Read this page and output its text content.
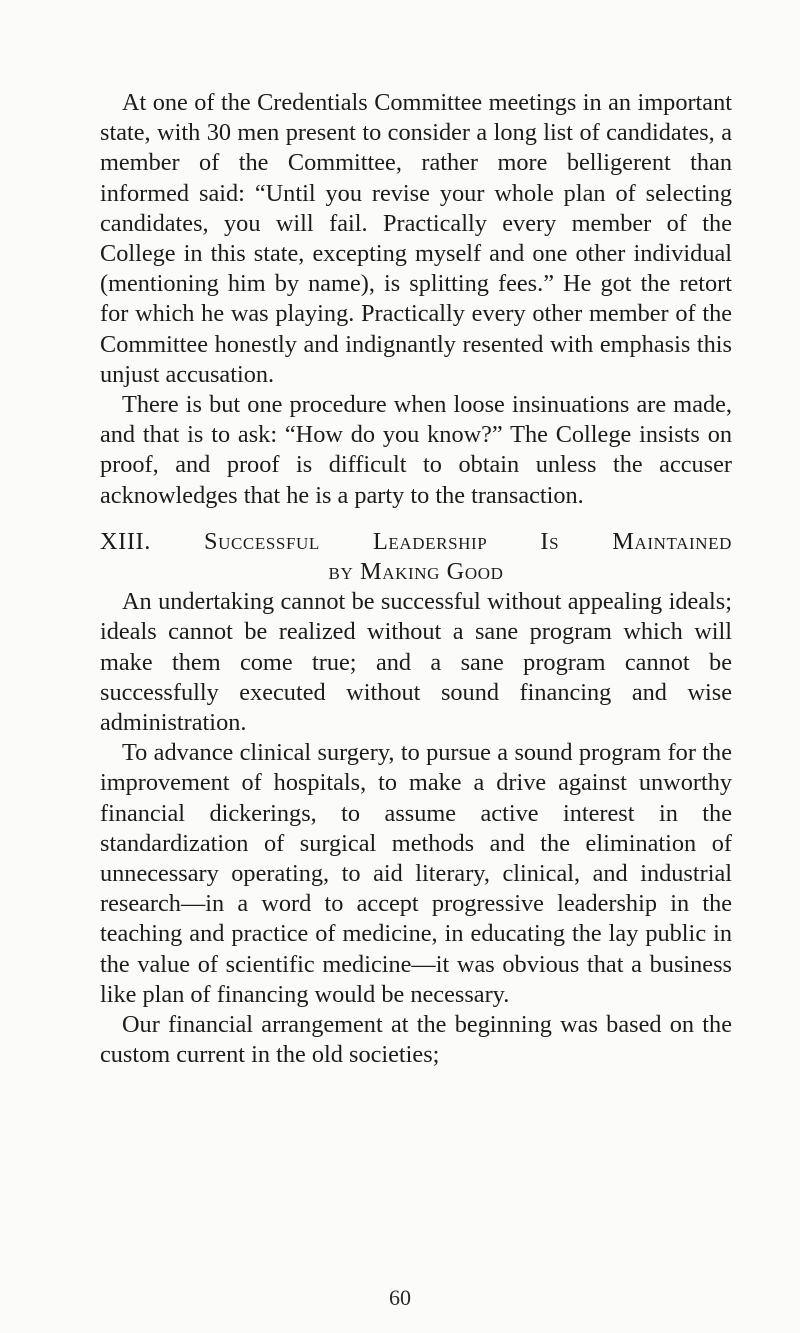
At one of the Credentials Committee meetings in an important state, with 30 men present to consider a long list of candidates, a member of the Committee, rather more belligerent than informed said: “Until you revise your whole plan of selecting candidates, you will fail. Practically every member of the College in this state, excepting myself and one other individual (mentioning him by name), is splitting fees.” He got the retort for which he was playing. Practically every other member of the Committee honestly and indignantly resented with emphasis this unjust accusation.

There is but one procedure when loose insinuations are made, and that is to ask: “How do you know?” The College insists on proof, and proof is difficult to obtain unless the accuser acknowledges that he is a party to the transaction.

XIII. Successful Leadership Is Maintained
by Making Good

An undertaking cannot be successful without appealing ideals; ideals cannot be realized without a sane program which will make them come true; and a sane program cannot be successfully executed without sound financing and wise administration.

To advance clinical surgery, to pursue a sound program for the improvement of hospitals, to make a drive against unworthy financial dickerings, to assume active interest in the standardization of surgical methods and the elimination of unnecessary operating, to aid literary, clinical, and industrial research—in a word to accept progressive leadership in the teaching and practice of medicine, in educating the lay public in the value of scientific medicine—it was obvious that a business like plan of financing would be necessary.

Our financial arrangement at the beginning was based on the custom current in the old societies;

60
